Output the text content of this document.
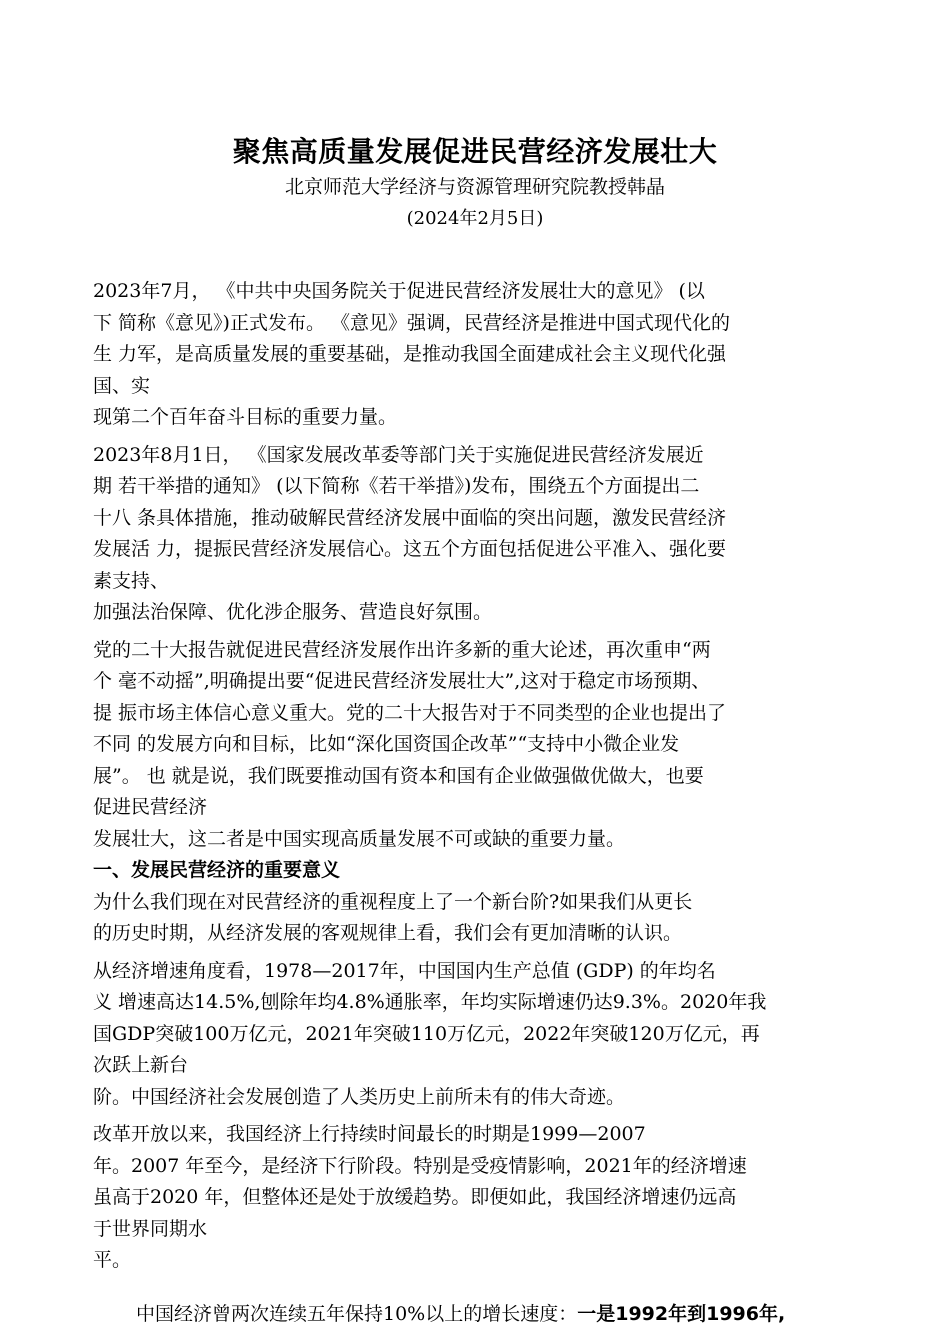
聚焦高质量发展促进民营经济发展壮大
北京师范大学经济与资源管理研究院教授韩晶
(2024年2月5日)

2023年7月， 《中共中央国务院关于促进民营经济发展壮大的意见》 (以

下 简称《意见》)正式发布。 《意见》强调，民营经济是推进中国式现代化的

生 力军，是高质量发展的重要基础，是推动我国全面建成社会主义现代化强

国、实

现第二个百年奋斗目标的重要力量。

2023年8月1日， 《国家发展改革委等部门关于实施促进民营经济发展近

期 若干举措的通知》 (以下简称《若干举措》)发布，围绕五个方面提出二

十八 条具体措施，推动破解民营经济发展中面临的突出问题，激发民营经济

发展活 力，提振民营经济发展信心。这五个方面包括促进公平准入、强化要

素支持、

加强法治保障、优化涉企服务、营造良好氛围。

党的二十大报告就促进民营经济发展作出许多新的重大论述，再次重申“两

个 毫不动摇”,明确提出要“促进民营经济发展壮大”,这对于稳定市场预期、

提 振市场主体信心意义重大。党的二十大报告对于不同类型的企业也提出了

不同 的发展方向和目标，比如“深化国资国企改革”“支持中小微企业发

展”。 也 就是说，我们既要推动国有资本和国有企业做强做优做大，也要

促进民营经济

发展壮大，这二者是中国实现高质量发展不可或缺的重要力量。

一、发展民营经济的重要意义

为什么我们现在对民营经济的重视程度上了一个新台阶?如果我们从更长

的历史时期，从经济发展的客观规律上看，我们会有更加清晰的认识。

从经济增速角度看，1978—2017年，中国国内生产总值 (GDP) 的年均名

义 增速高达14.5%,刨除年均4.8%通胀率，年均实际增速仍达9.3%。2020年我

国GDP突破100万亿元，2021年突破110万亿元，2022年突破120万亿元，再

次跃上新台

阶。中国经济社会发展创造了人类历史上前所未有的伟大奇迹。

改革开放以来，我国经济上行持续时间最长的时期是1999—2007

年。2007 年至今，是经济下行阶段。特别是受疫情影响，2021年的经济增速

虽高于2020 年，但整体还是处于放缓趋势。即便如此，我国经济增速仍远高

于世界同期水

平。

中国经济曾两次连续五年保持10%以上的增长速度：一是1992年到1996年,
